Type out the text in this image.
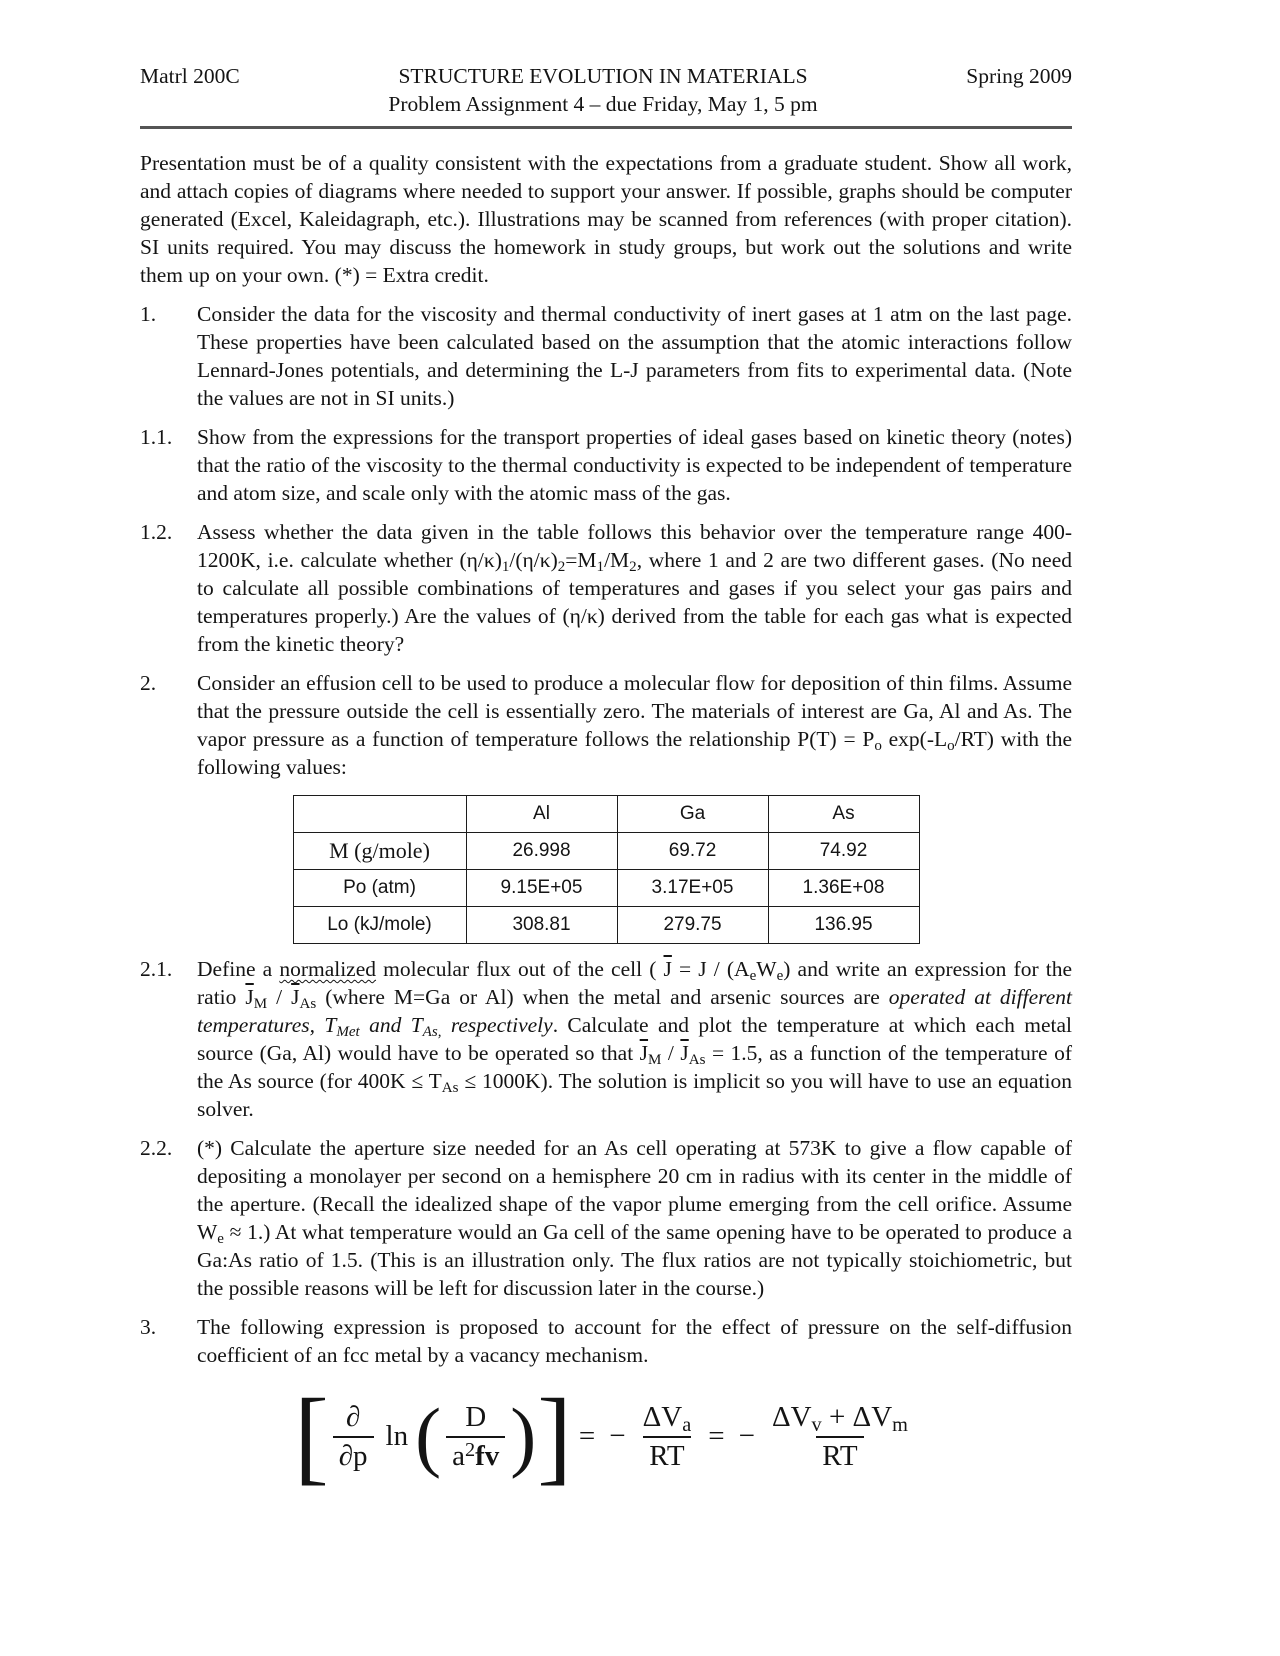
Matrl 200C	STRUCTURE EVOLUTION IN MATERIALS
Problem Assignment 4 – due Friday, May 1, 5 pm
Spring 2009

Presentation must be of a quality consistent with the expectations from a graduate student. Show all work, and attach copies of diagrams where needed to support your answer. If possible, graphs should be computer generated (Excel, Kaleidagraph, etc.). Illustrations may be scanned from references (with proper citation). SI units required. You may discuss the homework in study groups, but work out the solutions and write them up on your own. (*) = Extra credit.

1.	Consider the data for the viscosity and thermal conductivity of inert gases at 1 atm on the last page. These properties have been calculated based on the assumption that the atomic interactions follow Lennard-Jones potentials, and determining the L-J parameters from fits to experimental data. (Note the values are not in SI units.)
1.1.	Show from the expressions for the transport properties of ideal gases based on kinetic theory (notes) that the ratio of the viscosity to the thermal conductivity is expected to be independent of temperature and atom size, and scale only with the atomic mass of the gas.
1.2.	Assess whether the data given in the table follows this behavior over the temperature range 400-1200K, i.e. calculate whether $(\eta/\kappa)_1/(\eta/\kappa)_2=M_1/M_2$, where 1 and 2 are two different gases. (No need to calculate all possible combinations of temperatures and gases if you select your gas pairs and temperatures properly.) Are the values of (η/κ) derived from the table for each gas what is expected from the kinetic theory?
2.	Consider an effusion cell to be used to produce a molecular flow for deposition of thin films. Assume that the pressure outside the cell is essentially zero. The materials of interest are Ga, Al and As. The vapor pressure as a function of temperature follows the relationship $P(T) = P_o$ $\exp(-L_o/RT)$ with the following values:
	Al	Ga	As
M (g/mole)	26.998	69.72	74.92
Po (atm)	9.15E+05	3.17E+05	1.36E+08
Lo (kJ/mole)	308.81	279.75	136.95
2.1.	Define a normalized molecular flux out of the cell ( $\overline{J} = J / (A_eW_e)$ and write an expression for the ratio $\overline{J}_M / \overline{J}_{As}$ (where M=Ga or Al) when the metal and arsenic sources are operated at different temperatures, TMet and TAs, respectively. Calculate and plot the temperature at which each metal source (Ga, Al) would have to be operated so that $\overline{J}_M / \overline{J}_{As} = 1.5$, as a function of the temperature of the As source (for $400K \le T_{As} \le 1000K$). The solution is implicit so you will have to use an equation solver.
2.2.	(*) Calculate the aperture size needed for an As cell operating at 573K to give a flow capable of depositing a monolayer per second on a hemisphere 20 cm in radius with its center in the middle of the aperture. (Recall the idealized shape of the vapor plume emerging from the cell orifice. Assume $W_e \approx 1$.) At what temperature would an Ga cell of the same opening have to be operated to produce a Ga:As ratio of 1.5. (This is an illustration only. The flux ratios are not typically stoichiometric, but the possible reasons will be left for discussion later in the course.)
3.	The following expression is proposed to account for the effect of pressure on the self-diffusion coefficient of an fcc metal by a vacancy mechanism.
[ $\frac{\partial}{\partial p}$ ln ( $\frac{D}{a^2fv}$ ) ] = − $\frac{\Delta V_a}{RT}$ = − $\frac{\Delta V_v + \Delta V_m}{RT}$
